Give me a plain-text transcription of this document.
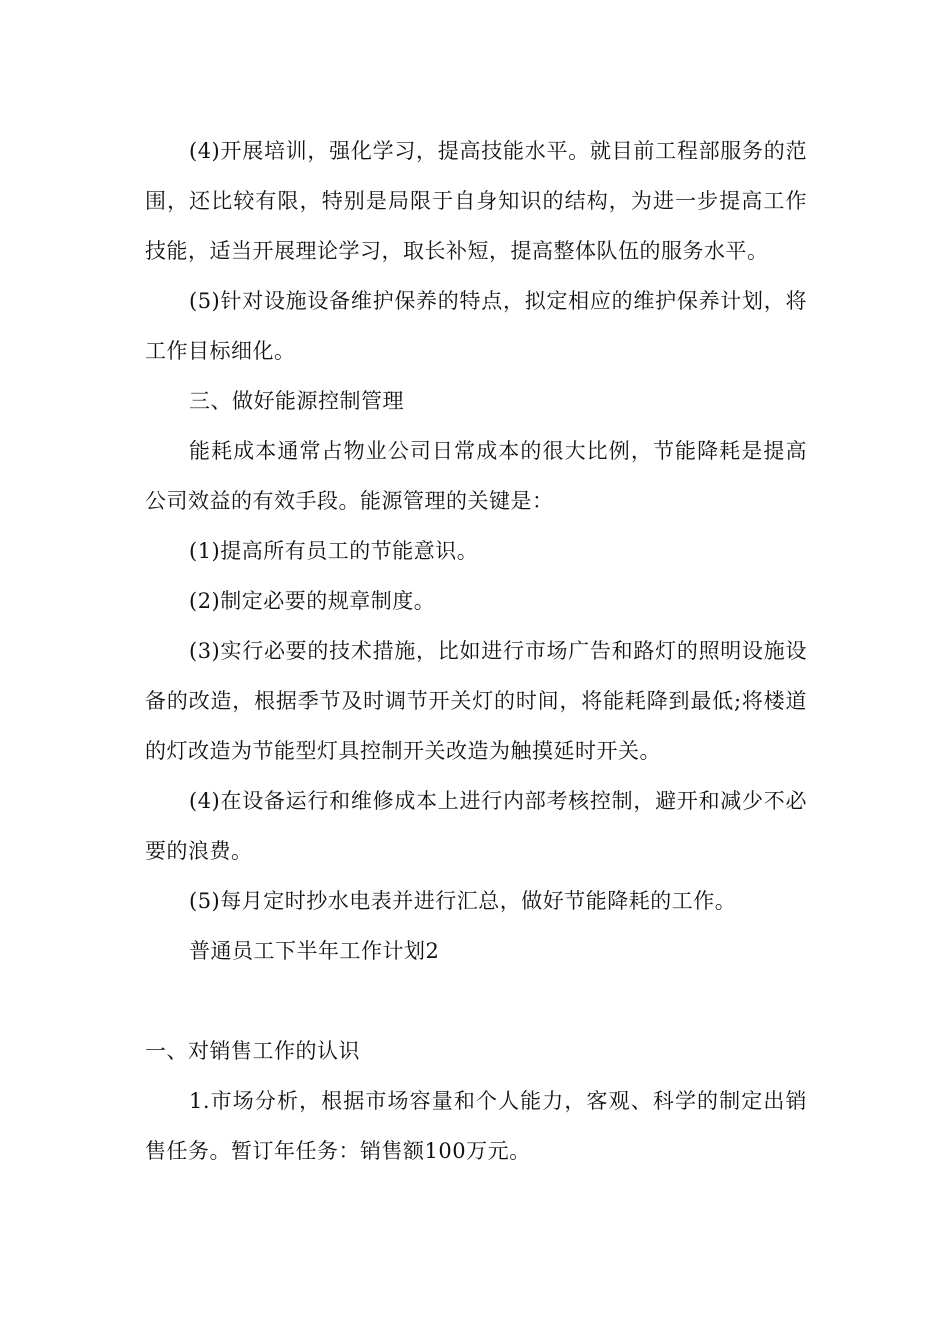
(4)开展培训，强化学习，提高技能水平。就目前工程部服务的范围，还比较有限，特别是局限于自身知识的结构，为进一步提高工作技能，适当开展理论学习，取长补短，提高整体队伍的服务水平。

(5)针对设施设备维护保养的特点，拟定相应的维护保养计划，将工作目标细化。

三、做好能源控制管理

能耗成本通常占物业公司日常成本的很大比例，节能降耗是提高公司效益的有效手段。能源管理的关键是：

(1)提高所有员工的节能意识。

(2)制定必要的规章制度。

(3)实行必要的技术措施，比如进行市场广告和路灯的照明设施设备的改造，根据季节及时调节开关灯的时间，将能耗降到最低;将楼道的灯改造为节能型灯具控制开关改造为触摸延时开关。

(4)在设备运行和维修成本上进行内部考核控制，避开和减少不必要的浪费。

(5)每月定时抄水电表并进行汇总，做好节能降耗的工作。

普通员工下半年工作计划2

一、对销售工作的认识

1.市场分析，根据市场容量和个人能力，客观、科学的制定出销售任务。暂订年任务：销售额100万元。
